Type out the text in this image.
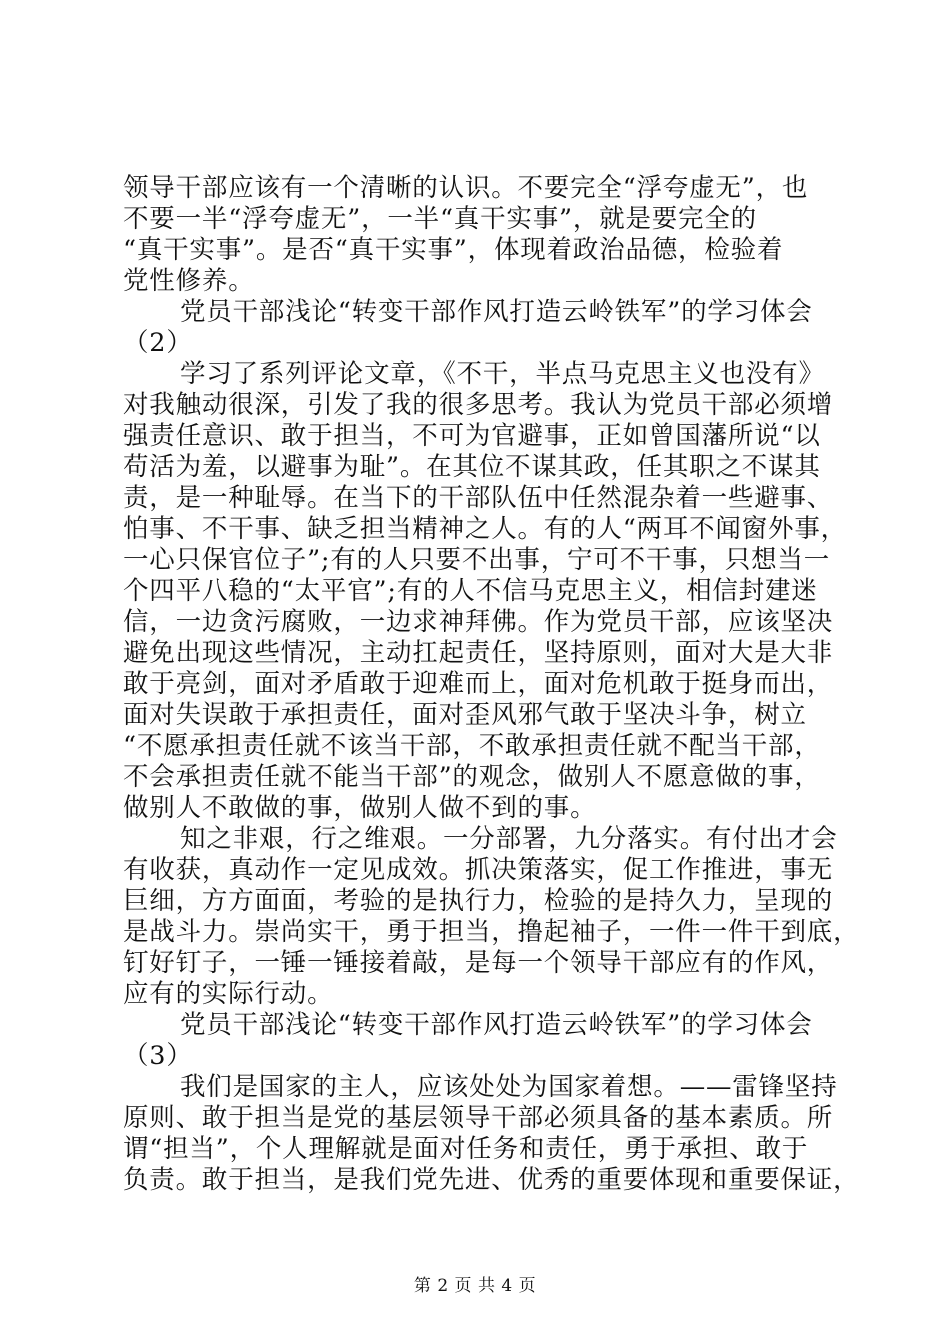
领导干部应该有一个清晰的认识。不要完全“浮夸虚无”，也
不要一半“浮夸虚无”，一半“真干实事”，就是要完全的
“真干实事”。是否“真干实事”，体现着政治品德，检验着
党性修养。
党员干部浅论“转变干部作风打造云岭铁军”的学习体会
（2）
学习了系列评论文章，《不干，半点马克思主义也没有》
对我触动很深，引发了我的很多思考。我认为党员干部必须增
强责任意识、敢于担当，不可为官避事，正如曾国藩所说“以
苟活为羞，以避事为耻”。在其位不谋其政，任其职之不谋其
责，是一种耻辱。在当下的干部队伍中任然混杂着一些避事、
怕事、不干事、缺乏担当精神之人。有的人“两耳不闻窗外事，
一心只保官位子”;有的人只要不出事，宁可不干事，只想当一
个四平八稳的“太平官”;有的人不信马克思主义，相信封建迷
信，一边贪污腐败，一边求神拜佛。作为党员干部，应该坚决
避免出现这些情况，主动扛起责任，坚持原则，面对大是大非
敢于亮剑，面对矛盾敢于迎难而上，面对危机敢于挺身而出，
面对失误敢于承担责任，面对歪风邪气敢于坚决斗争，树立
“不愿承担责任就不该当干部，不敢承担责任就不配当干部，
不会承担责任就不能当干部”的观念，做别人不愿意做的事，
做别人不敢做的事，做别人做不到的事。
知之非艰，行之维艰。一分部署，九分落实。有付出才会
有收获，真动作一定见成效。抓决策落实，促工作推进，事无
巨细，方方面面，考验的是执行力，检验的是持久力，呈现的
是战斗力。崇尚实干，勇于担当，撸起袖子，一件一件干到底，
钉好钉子，一锤一锤接着敲，是每一个领导干部应有的作风，
应有的实际行动。
党员干部浅论“转变干部作风打造云岭铁军”的学习体会
（3）
我们是国家的主人，应该处处为国家着想。——雷锋坚持
原则、敢于担当是党的基层领导干部必须具备的基本素质。所
谓“担当”，个人理解就是面对任务和责任，勇于承担、敢于
负责。敢于担当，是我们党先进、优秀的重要体现和重要保证，
第 2 页 共 4 页
